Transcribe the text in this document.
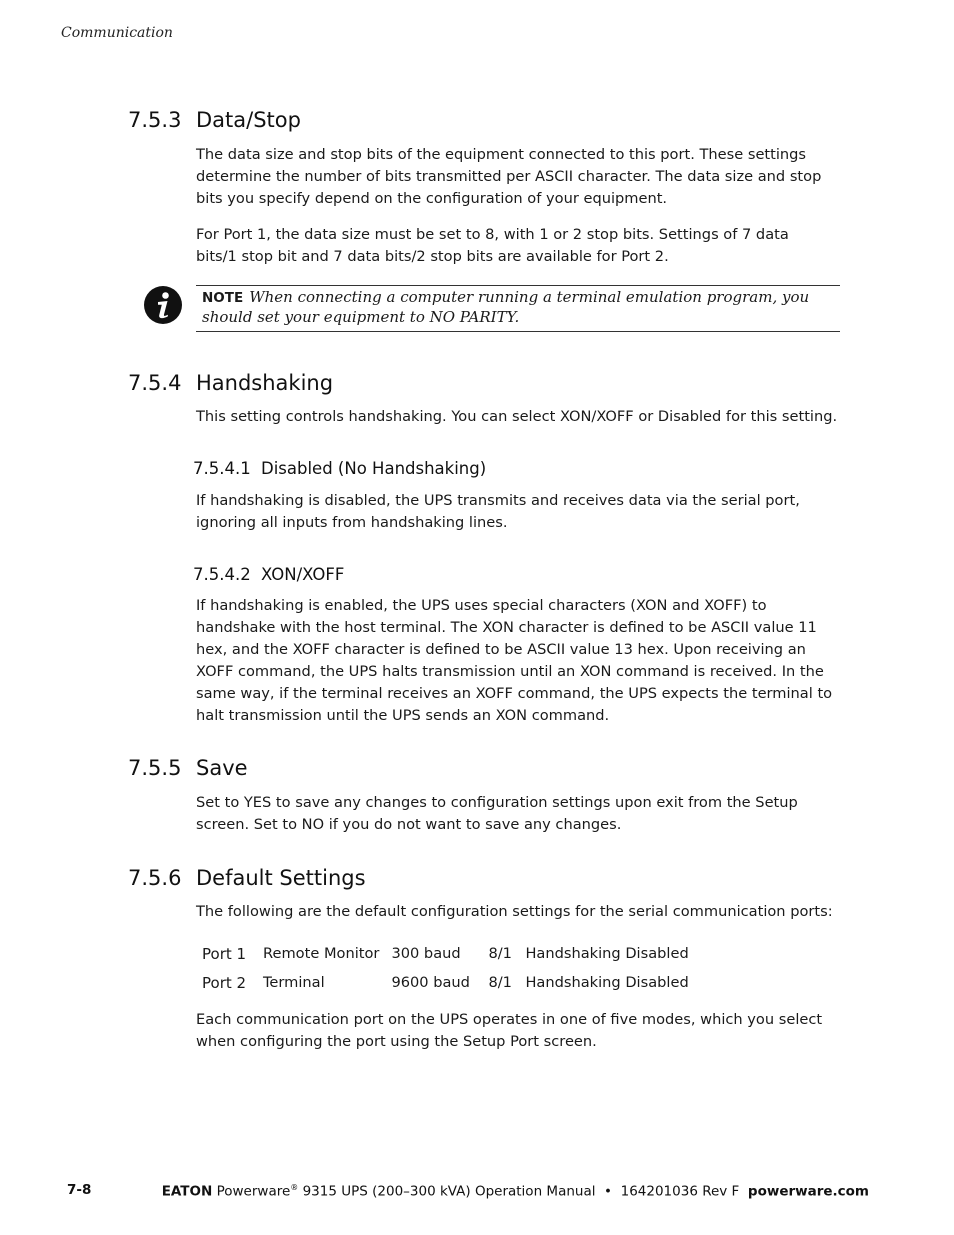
Communication
7.5.3 Data/Stop

The data size and stop bits of the equipment connected to this port. These settings determine the number of bits transmitted per ASCII character. The data size and stop bits you specify depend on the configuration of your equipment.

For Port 1, the data size must be set to 8, with 1 or 2 stop bits. Settings of 7 data bits/1 stop bit and 7 data bits/2 stop bits are available for Port 2.

NOTE When connecting a computer running a terminal emulation program, you should set your equipment to NO PARITY.
7.5.4 Handshaking

This setting controls handshaking. You can select XON/XOFF or Disabled for this setting.

7.5.4.1 Disabled (No Handshaking)

If handshaking is disabled, the UPS transmits and receives data via the serial port, ignoring all inputs from handshaking lines.

7.5.4.2 XON/XOFF

If handshaking is enabled, the UPS uses special characters (XON and XOFF) to handshake with the host terminal. The XON character is defined to be ASCII value 11 hex, and the XOFF character is defined to be ASCII value 13 hex. Upon receiving an XOFF command, the UPS halts transmission until an XON command is received. In the same way, if the terminal receives an XOFF command, the UPS expects the terminal to halt transmission until the UPS sends an XON command.

7.5.5 Save

Set to YES to save any changes to configuration settings upon exit from the Setup screen. Set to NO if you do not want to save any changes.

7.5.6 Default Settings

The following are the default configuration settings for the serial communication ports:

Port 1	Remote Monitor	300 baud	8/1	Handshaking Disabled
Port 2	Terminal	9600 baud	8/1	Handshaking Disabled

Each communication port on the UPS operates in one of five modes, which you select when configuring the port using the Setup Port screen.

7-8	EATON Powerware® 9315 UPS (200–300 kVA) Operation Manual  •  164201036 Rev F  powerware.com
